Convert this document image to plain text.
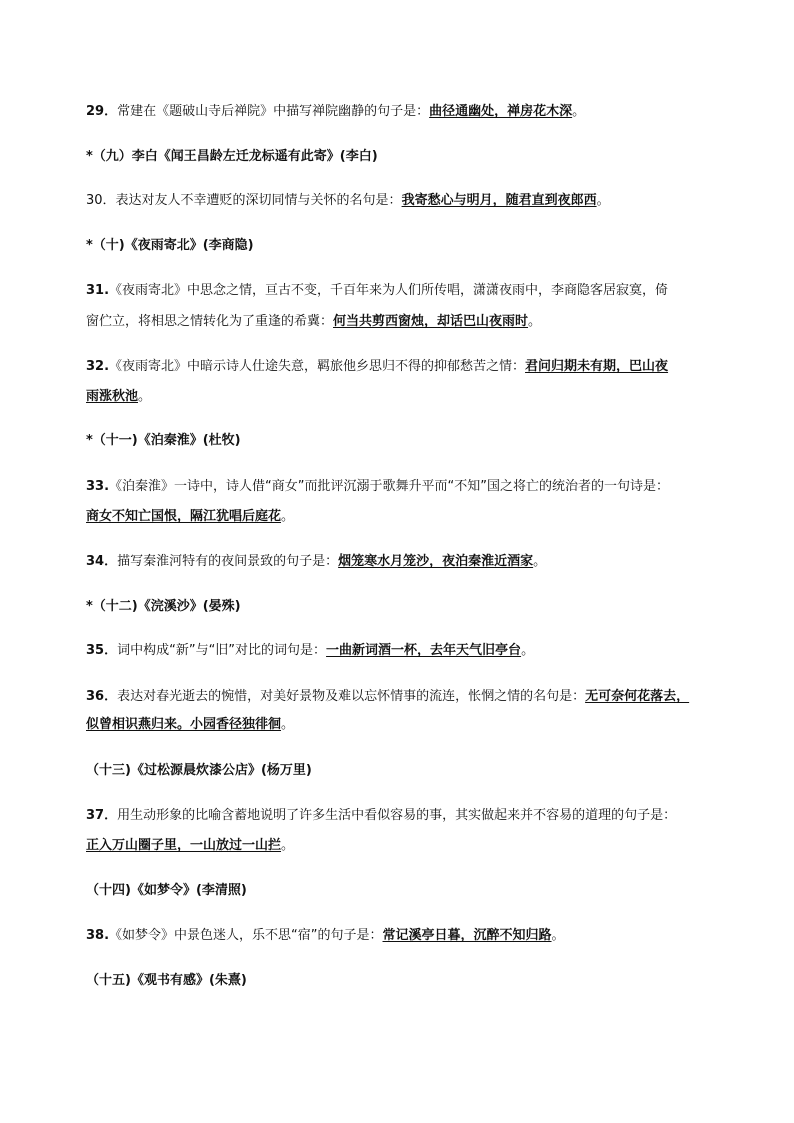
29．常建在《题破山寺后禅院》中描写禅院幽静的句子是：曲径通幽处，禅房花木深。
*（九）李白《闻王昌龄左迁龙标遥有此寄》(李白)
30．表达对友人不幸遭贬的深切同情与关怀的名句是：我寄愁心与明月，随君直到夜郎西。
*（十)《夜雨寄北》(李商隐)
31.《夜雨寄北》中思念之情，亘古不变，千百年来为人们所传唱，潇潇夜雨中，李商隐客居寂寞，倚
窗伫立，将相思之情转化为了重逢的希冀：何当共剪西窗烛，却话巴山夜雨时。
32.《夜雨寄北》中暗示诗人仕途失意，羁旅他乡思归不得的抑郁愁苦之情：君问归期未有期，巴山夜
雨涨秋池。
*（十一)《泊秦淮》(杜牧)
33.《泊秦淮》一诗中，诗人借“商女”而批评沉溺于歌舞升平而“不知”国之将亡的统治者的一句诗是：
商女不知亡国恨，隔江犹唱后庭花。
34．描写秦淮河特有的夜间景致的句子是：烟笼寒水月笼沙，夜泊秦淮近酒家。
*（十二)《浣溪沙》(晏殊)
35．词中构成“新”与“旧”对比的词句是：一曲新词酒一杯，去年天气旧亭台。
36．表达对春光逝去的惋惜，对美好景物及难以忘怀情事的流连，怅惘之情的名句是：无可奈何花落去，
似曾相识燕归来。小园香径独徘徊。
（十三)《过松源晨炊漆公店》(杨万里)
37．用生动形象的比喻含蓄地说明了许多生活中看似容易的事，其实做起来并不容易的道理的句子是：
正入万山圈子里，一山放过一山拦。
（十四)《如梦令》(李清照)
38.《如梦令》中景色迷人，乐不思“宿”的句子是：常记溪亭日暮，沉醉不知归路。
（十五)《观书有感》(朱熹)
